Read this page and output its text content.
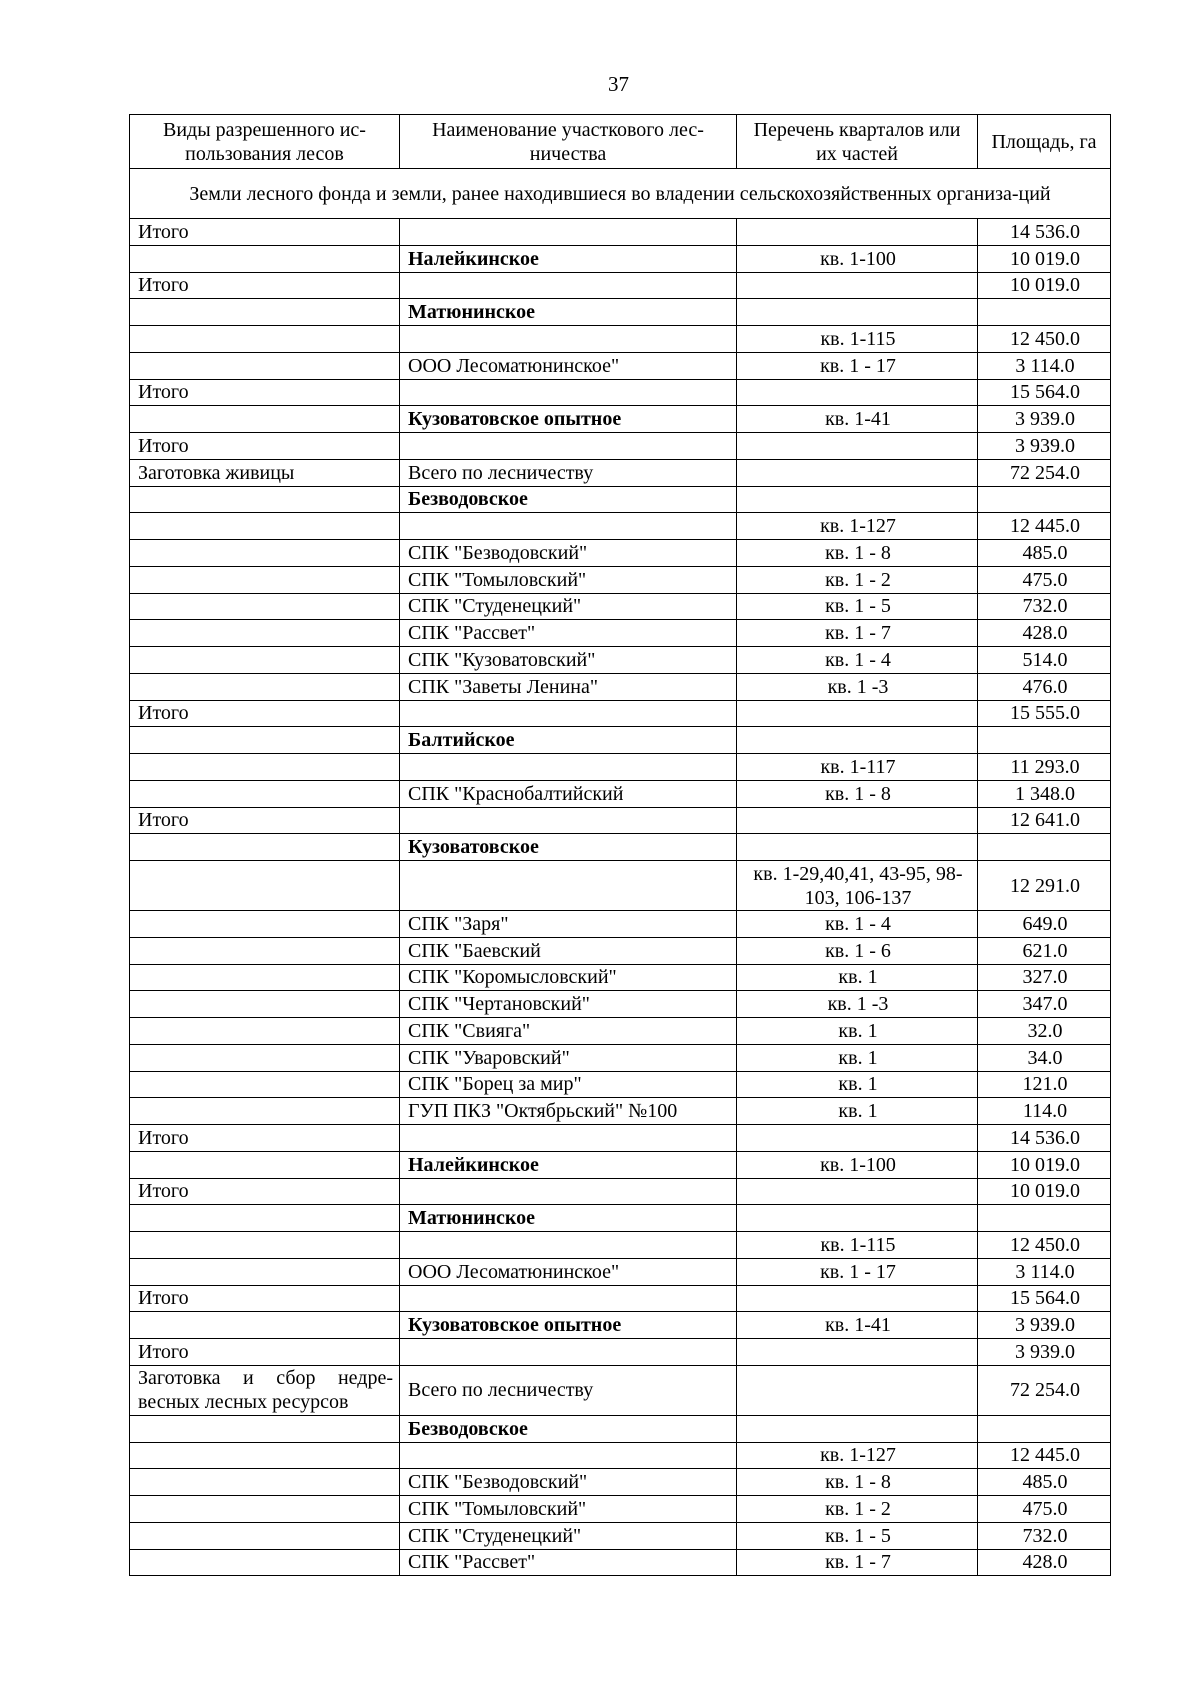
37
Виды разрешенного ис-пользования лесов	Наименование участкового лес-ничества	Перечень кварталов или их частей	Площадь, га
Земли лесного фонда и земли, ранее находившиеся во владении сельскохозяйственных организа-ций			
Итого			14 536.0
	Налейкинское	кв. 1-100	10 019.0
Итого			10 019.0
	Матюнинское		
		кв. 1-115	12 450.0
	ООО Лесоматюнинское"	кв. 1 - 17	3 114.0
Итого			15 564.0
	Кузоватовское опытное	кв. 1-41	3 939.0
Итого			3 939.0
Заготовка живицы	Всего по лесничеству		72 254.0
	Безводовское		
		кв. 1-127	12 445.0
	СПК "Безводовский"	кв. 1 - 8	485.0
	СПК "Томыловский"	кв. 1 - 2	475.0
	СПК "Студенецкий"	кв. 1 - 5	732.0
	СПК "Рассвет"	кв. 1 - 7	428.0
	СПК "Кузоватовский"	кв. 1 - 4	514.0
	СПК "Заветы Ленина"	кв. 1 -3	476.0
Итого			15 555.0
	Балтийское		
		кв. 1-117	11 293.0
	СПК "Краснобалтийский	кв. 1 - 8	1 348.0
Итого			12 641.0
	Кузоватовское		
		кв. 1-29,40,41, 43-95, 98-103, 106-137	12 291.0
	СПК "Заря"	кв. 1 - 4	649.0
	СПК "Баевский	кв. 1 - 6	621.0
	СПК "Коромысловский"	кв. 1	327.0
	СПК "Чертановский"	кв. 1 -3	347.0
	СПК "Свияга"	кв. 1	32.0
	СПК "Уваровский"	кв. 1	34.0
	СПК "Борец за мир"	кв. 1	121.0
	ГУП ПКЗ "Октябрьский" №100	кв. 1	114.0
Итого			14 536.0
	Налейкинское	кв. 1-100	10 019.0
Итого			10 019.0
	Матюнинское		
		кв. 1-115	12 450.0
	ООО Лесоматюнинское"	кв. 1 - 17	3 114.0
Итого			15 564.0
	Кузоватовское опытное	кв. 1-41	3 939.0
Итого			3 939.0
Заготовка и сбор недре-весных лесных ресурсов	Всего по лесничеству		72 254.0
	Безводовское		
		кв. 1-127	12 445.0
	СПК "Безводовский"	кв. 1 - 8	485.0
	СПК "Томыловский"	кв. 1 - 2	475.0
	СПК "Студенецкий"	кв. 1 - 5	732.0
	СПК "Рассвет"	кв. 1 - 7	428.0
